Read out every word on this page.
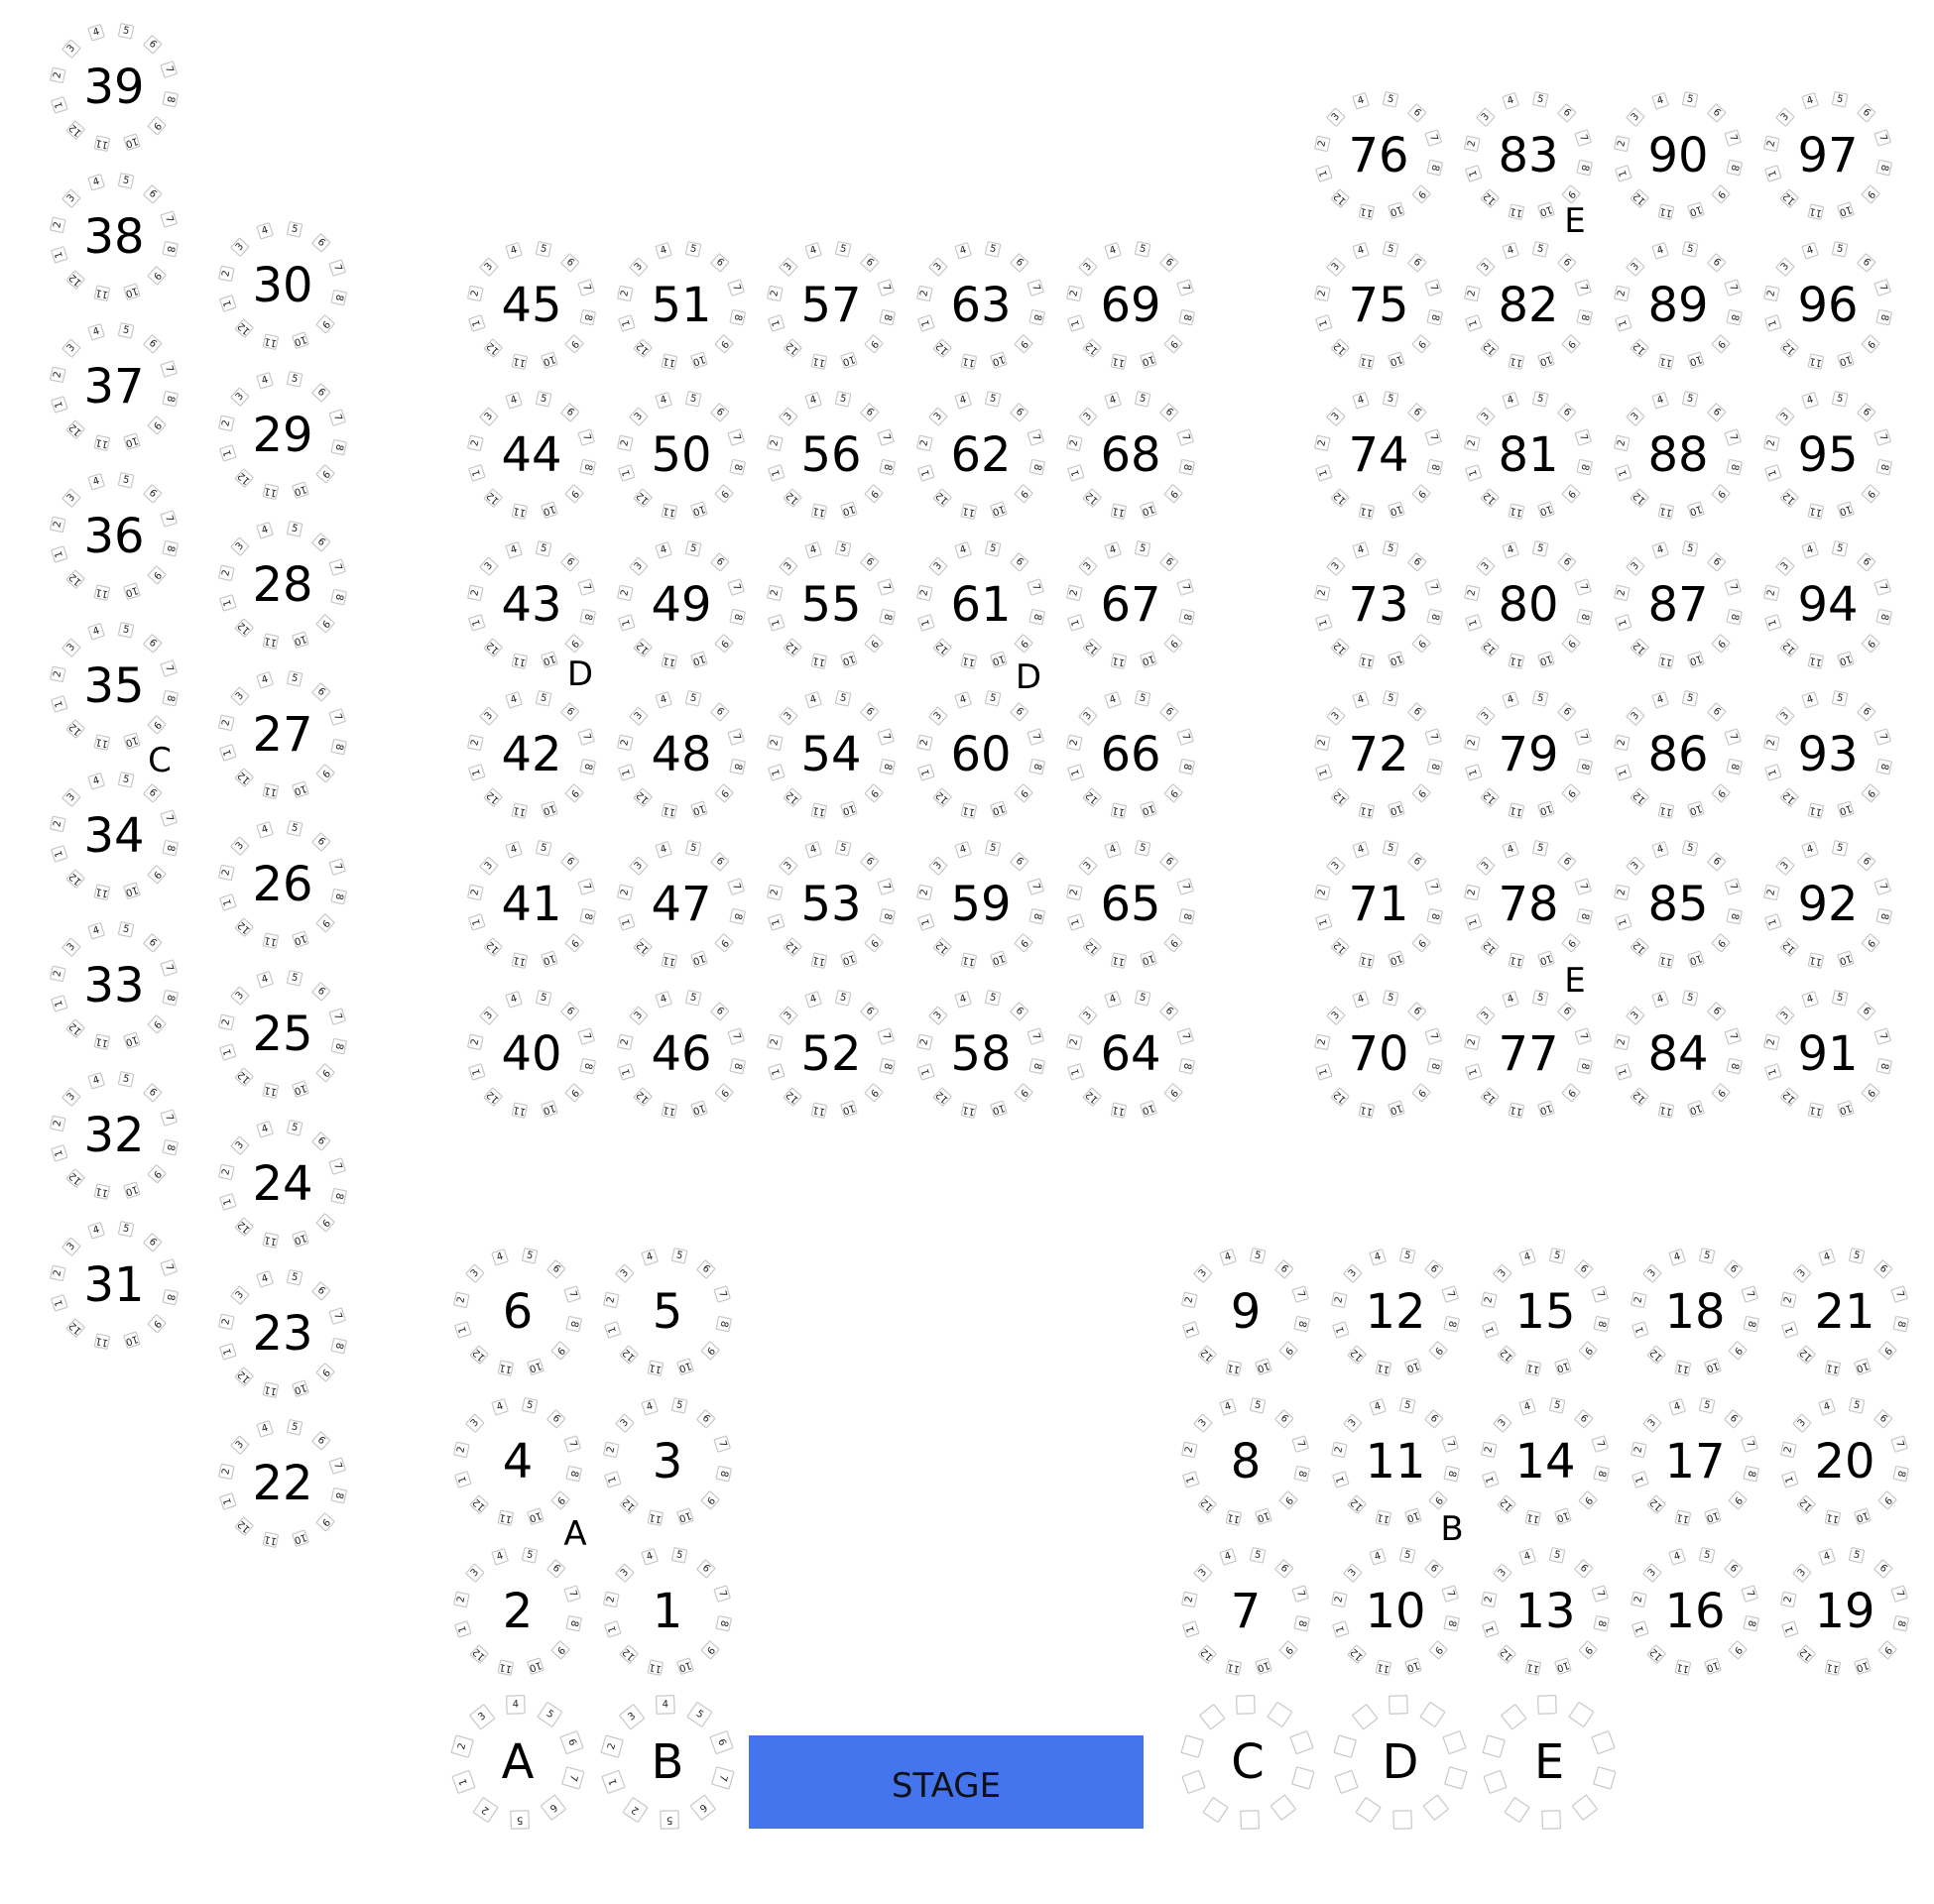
1
2
3
4 5
6
7
8
9
10
11
12
39
1
2
3
4 5
6
7
8
9
10
11
12
38
1
2
3
4 5
6
7
8
9
10
11
12
37
1
2
3
4 5
6
7
8
9
10
11
12
36
1
2
3
4 5
6
7
8
9
10
11
12
35
1
2
3
4 5
6
7
8
9
10
11
12
34
1
2
3
4 5
6
7
8
9
10
11
12
33
1
2
3
4 5
6
7
8
9
10
11
12
32
1
2
3
4 5
6
7
8
9
10
11
12
31
1
2
3
4 5
6
7
8
9
10
11
12
30
1
2
3
4 5
6
7
8
9
10
11
12
29
1
2
3
4 5
6
7
8
9
10
11
12
28
1
2
3
4 5
6
7
8
9
10
11
12
27
1
2
3
4 5
6
7
8
9
10
11
12
26
1
2
3
4 5
6
7
8
9
10
11
12
25
1
2
3
4 5
6
7
8
9
10
11
12
24
1
2
3
4 5
6
7
8
9
10
11
12
23
1
2
3
4 5
6
7
8
9
10
11
12
22
1
2
3
4 5
6
7
8
9
10
11
12
45	1
2
3
4 5
6
7
8
9
10
11
12
51	1
2
3
4 5
6
7
8
9
10
11
12
57	1
2
3
4 5
6
7
8
9
10
11
12
63	1
2
3
4 5
6
7
8
9
10
11
12
69
1
2
3
4 5
6
7
8
9
10
11
12
44	1
2
3
4 5
6
7
8
9
10
11
12
50	1
2
3
4 5
6
7
8
9
10
11
12
56	1
2
3
4 5
6
7
8
9
10
11
12
62	1
2
3
4 5
6
7
8
9
10
11
12
68
1
2
3
4 5
6
7
8
9
10
11
12
43	1
2
3
4 5
6
7
8
9
10
11
12
49	1
2
3
4 5
6
7
8
9
10
11
12
55	1
2
3
4 5
6
7
8
9
10
11
12
61	1
2
3
4 5
6
7
8
9
10
11
12
67
1
2
3
4 5
6
7
8
9
10
11
12
42	1
2
3
4 5
6
7
8
9
10
11
12
48	1
2
3
4 5
6
7
8
9
10
11
12
54	1
2
3
4 5
6
7
8
9
10
11
12
60	1
2
3
4 5
6
7
8
9
10
11
12
66
1
2
3
4 5
6
7
8
9
10
11
12
41	1
2
3
4 5
6
7
8
9
10
11
12
47	1
2
3
4 5
6
7
8
9
10
11
12
53	1
2
3
4 5
6
7
8
9
10
11
12
59	1
2
3
4 5
6
7
8
9
10
11
12
65
1
2
3
4 5
6
7
8
9
10
11
12
40	1
2
3
4 5
6
7
8
9
10
11
12
46	1
2
3
4 5
6
7
8
9
10
11
12
52	1
2
3
4 5
6
7
8
9
10
11
12
58	1
2
3
4 5
6
7
8
9
10
11
12
64
1
2
3
4 5
6
7
8
9
10
11
12
76	1
2
3
4 5
6
7
8
9
10
11
12
83	1
2
3
4 5
6
7
8
9
10
11
12
90	1
2
3
4 5
6
7
8
9
10
11
12
97
1
2
3
4 5
6
7
8
9
10
11
12
75	1
2
3
4 5
6
7
8
9
10
11
12
82	1
2
3
4 5
6
7
8
9
10
11
12
89	1
2
3
4 5
6
7
8
9
10
11
12
96
1
2
3
4 5
6
7
8
9
10
11
12
74	1
2
3
4 5
6
7
8
9
10
11
12
81	1
2
3
4 5
6
7
8
9
10
11
12
88	1
2
3
4 5
6
7
8
9
10
11
12
95
1
2
3
4 5
6
7
8
9
10
11
12
73	1
2
3
4 5
6
7
8
9
10
11
12
80	1
2
3
4 5
6
7
8
9
10
11
12
87	1
2
3
4 5
6
7
8
9
10
11
12
94
1
2
3
4 5
6
7
8
9
10
11
12
72	1
2
3
4 5
6
7
8
9
10
11
12
79	1
2
3
4 5
6
7
8
9
10
11
12
86	1
2
3
4 5
6
7
8
9
10
11
12
93
1
2
3
4 5
6
7
8
9
10
11
12
71	1
2
3
4 5
6
7
8
9
10
11
12
78	1
2
3
4 5
6
7
8
9
10
11
12
85	1
2
3
4 5
6
7
8
9
10
11
12
92
1
2
3
4 5
6
7
8
9
10
11
12
70	1
2
3
4 5
6
7
8
9
10
11
12
77	1
2
3
4 5
6
7
8
9
10
11
12
84	1
2
3
4 5
6
7
8
9
10
11
12
91
1
2
3
4 5
6
7
8
9
10
11
12
6	1
2
3
4 5
6
7
8
9
10
11
12
5
1
2
3
4 5
6
7
8
9
10
11
12
4	1
2
3
4 5
6
7
8
9
10
11
12
3
1
2
3
4 5
6
7
8
9
10
11
12
2	1
2
3
4 5
6
7
8
9
10
11
12
1
1
2
3
4 5
6
7
8
9
10
11
12
9	1
2
3
4 5
6
7
8
9
10
11
12
12	1
2
3
4 5
6
7
8
9
10
11
12
15	1
2
3
4 5
6
7
8
9
10
11
12
18	1
2
3
4 5
6
7
8
9
10
11
12
21
1
2
3
4 5
6
7
8
9
10
11
12
8	1
2
3
4 5
6
7
8
9
10
11
12
11	1
2
3
4 5
6
7
8
9
10
11
12
14	1
2
3
4 5
6
7
8
9
10
11
12
17	1
2
3
4 5
6
7
8
9
10
11
12
20
1
2
3
4 5
6
7
8
9
10
11
12
7	1
2
3
4 5
6
7
8
9
10
11
12
10	1
2
3
4 5
6
7
8
9
10
11
12
13	1
2
3
4 5
6
7
8
9
10
11
12
16	1
2
3
4 5
6
7
8
9
10
11
12
19
1
2
3
4
5
6
7
6
5
2
A	1
2
3
4
5
6
7
6
5
2
B	C D E
STAGE
C
D	D
E
E
A	B
